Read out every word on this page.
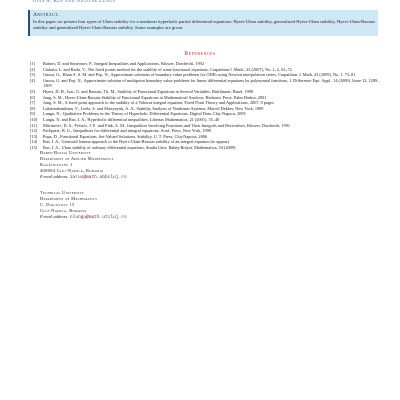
Ioan A. Rus and Nicolae Lungu
Abstract.
In this paper we present four types of Ulam stability for a nonlinear hyperbolic partial differential equations: Hyers-Ulam stability, generalized Hyers-Ulam stability, Hyers-Ulam-Rassias stability and generalized Hyers-Ulam-Rassias stability. Some examples are given.
References
[1]	Bainov, D. and Simeonov, P., Integral Inequalities and Applications, Kluwer, Dordrecht, 1992
[2]	Cădariu, L. and Radu, V., The fixed points method for the stability of some functional equations, Carpathian J. Math., 23 (2007), No. 1–2, 63–72
[3]	Gnosa, G., Khan A. S. M. and Pop, N., Approximate solutions of boundary value problems for ODEs using Newton interpolation series, Carpathian. J. Math. 25 (2009), No. 1, 73–81
[4]	Gnosa, G. and Pop. N., Approximate solution of multipoint boundary value problems for linear differential equations by polynomial functions, J. Difference Equ. Appl., 14 (2008), Issue 12, 1289–1309
[5]	Hyers, D. H., Isac, G. and Rassias, Th. M., Stability of Functional Equations in Several Variables, Birkhäuser, Basel, 1998
[6]	Jung, S. M., Hyers-Ulam-Rassias Stability of Functional Equations in Mathematical Analysis, Hadronic Press, Palm Harbor, 2001
[7]	Jung, S. M., A fixed point approach to the stability of a Volterra integral equation, Fixed Point Theory and Applications, 2007, 9 pages
[8]	Lakshmikantham, V., Leela, S. and Martynyuk, A. A., Stability Analysis of Nonlinear Systems, Marcel Dekker, New York, 1989
[9]	Lungu, N., Qualitative Problems in the Theory of Hyperbolic Differential Equations, Digital Data, Cluj-Napoca, 2005
[10]	Lungu, N. and Rus, I. A., Hyperbolic differential inequalities, Libertas Mathematica, 21 (2001), 35–40
[11]	Mitrinović, D. S., Pečarić, J. E. and Fink, A. M., Inequalities Involving Functions and Their Integrals and Derivatives, Kluwer, Dordrecht, 1991
[12]	Pachpatte, B. G., Inequalities for differential and integral equations, Acad. Press, New York, 1998
[13]	Popa, D., Functional Equations. Set-Valued Solutions, Stability, U. T. Press, Cluj-Napoca, 2006
[14]	Rus, I. A., Gronwall lemma approach to the Hyers-Ulam-Rassias stability of an integral equation (to appear)
[15]	Rus, I. A., Ulam stability of ordinary differential equations, Studia Univ. Babeş-Bolyai, Mathematica, 54 (2009)
Babeş-Bolyai University
Department of Applied Mathematics
Kogălniceanu 1
400084 Cluj-Napoca, Romania
E-mail address: iarus@math.ubbcluj.ro
Technical University
Department of Mathematics
C. Daicoviciu 15
Cluj-Napoca, Romania
E-mail address: nlungu@math.utcluj.ro
